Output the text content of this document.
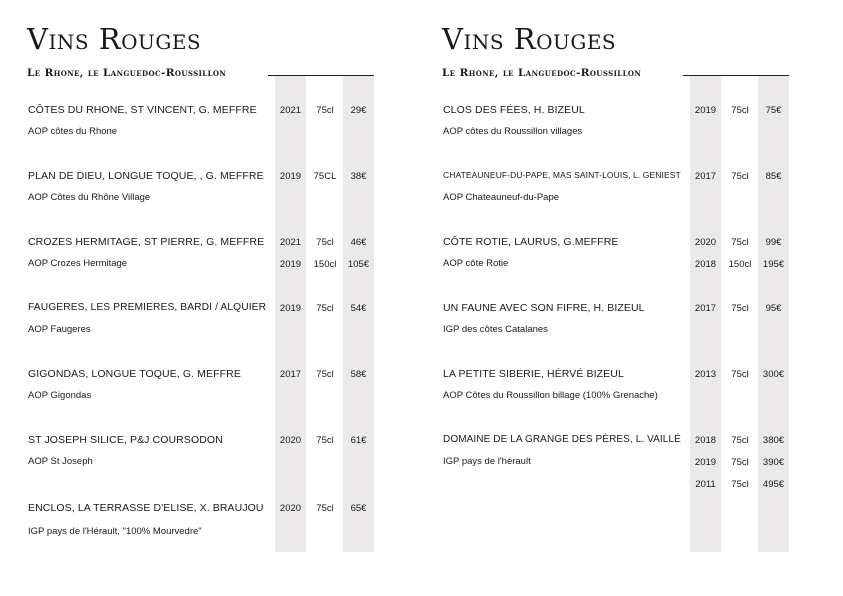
Vins Rouges
Le Rhone, le Languedoc-Roussillon
CÔTES DU RHONE, ST VINCENT, G. MEFFRE	2021	75cl	29€
AOP côtes du Rhone
PLAN DE DIEU, LONGUE TOQUE, , G. MEFFRE	2019	75CL	38€
AOP Côtes du Rhône Village
CROZES HERMITAGE, ST PIERRE, G. MEFFRE	2021	75cl	46€
2019	150cl	105€
AOP Crozes Hermitage
FAUGERES, LES PREMIERES, BARDI / ALQUIER	2019	75cl	54€
AOP Faugeres
GIGONDAS, LONGUE TOQUE, G. MEFFRE	2017	75cl	58€
AOP Gigondas
ST JOSEPH SILICE, P&J COURSODON	2020	75cl	61€
AOP St Joseph
ENCLOS, LA TERRASSE D'ELISE, X. BRAUJOU	2020	75cl	65€
IGP pays de l'Hérault, "100% Mourvedre"
Vins Rouges
Le Rhone, le Languedoc-Roussillon
CLOS DES FÉES, H. BIZEUL	2019	75cl	75€
AOP côtes du Roussillon villages
CHATEAUNEUF-DU-PAPE, MAS SAINT-LOUIS, L. GENIEST	2017	75cl	85€
AOP Chateauneuf-du-Pape
CÔTE ROTIE, LAURUS, G.MEFFRE	2020	75cl	99€
2018	150cl	195€
AOP côte Rotie
UN FAUNE AVEC SON FIFRE, H. BIZEUL	2017	75cl	95€
IGP des côtes Catalanes
LA PETITE SIBERIE, HÉRVÉ BIZEUL	2013	75cl	300€
AOP Côtes du Roussillon billage (100% Grenache)
DOMAINE DE LA GRANGE DES PÈRES, L. VAILLÉ	2018	75cl	380€
2019	75cl	390€
2011	75cl	495€
IGP pays de l'hérault
